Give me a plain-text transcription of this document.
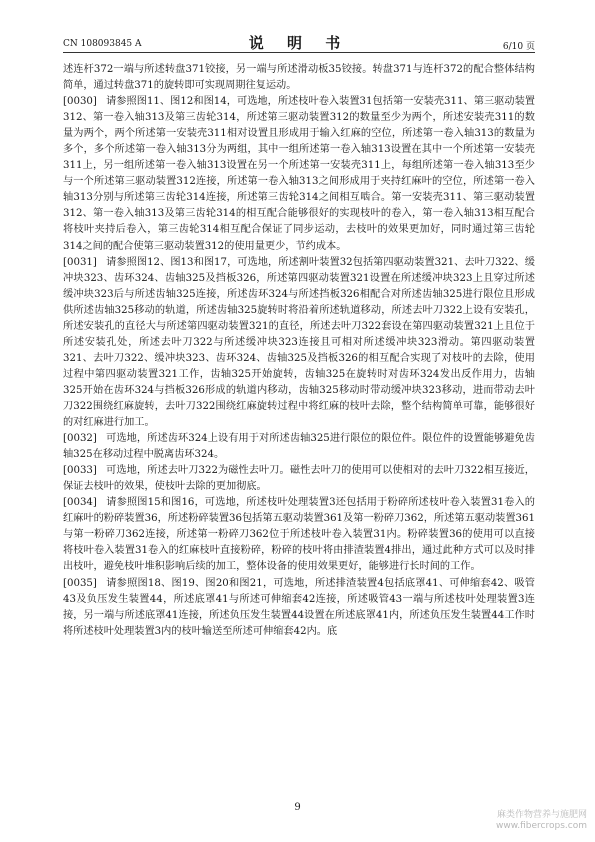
CN 108093845 A	说 明 书	6/10 页

述连杆372一端与所述转盘371铰接，另一端与所述滑动板35铰接。转盘371与连杆372的配合整体结构简单，通过转盘371的旋转即可实现周期往复运动。

[0030] 请参照图11、图12和图14，可选地，所述枝叶卷入装置31包括第一安装壳311、第三驱动装置312、第一卷入轴313及第三齿轮314，所述第三驱动装置312的数量至少为两个，所述安装壳311的数量为两个，两个所述第一安装壳311相对设置且形成用于输入红麻的空位，所述第一卷入轴313的数量为多个，多个所述第一卷入轴313分为两组，其中一组所述第一卷入轴313设置在其中一个所述第一安装壳311上，另一组所述第一卷入轴313设置在另一个所述第一安装壳311上，每组所述第一卷入轴313至少与一个所述第三驱动装置312连接，所述第一卷入轴313之间形成用于夹持红麻叶的空位，所述第一卷入轴313分别与所述第三齿轮314连接，所述第三齿轮314之间相互啮合。第一安装壳311、第三驱动装置312、第一卷入轴313及第三齿轮314的相互配合能够很好的实现枝叶的卷入，第一卷入轴313相互配合将枝叶夹持后卷入，第三齿轮314相互配合保证了同步运动，去枝叶的效果更加好，同时通过第三齿轮314之间的配合使第三驱动装置312的使用量更少，节约成本。

[0031] 请参照图12、图13和图17，可选地，所述割叶装置32包括第四驱动装置321、去叶刀322、缓冲块323、齿环324、齿轴325及挡板326，所述第四驱动装置321设置在所述缓冲块323上且穿过所述缓冲块323后与所述齿轴325连接，所述齿环324与所述挡板326相配合对所述齿轴325进行限位且形成供所述齿轴325移动的轨道，所述齿轴325旋转时将沿着所述轨道移动，所述去叶刀322上设有安装孔，所述安装孔的直径大与所述第四驱动装置321的直径，所述去叶刀322套设在第四驱动装置321上且位于所述安装孔处，所述去叶刀322与所述缓冲块323连接且可相对所述缓冲块323滑动。第四驱动装置321、去叶刀322、缓冲块323、齿环324、齿轴325及挡板326的相互配合实现了对枝叶的去除，使用过程中第四驱动装置321工作，齿轴325开始旋转，齿轴325在旋转时对齿环324发出反作用力，齿轴325开始在齿环324与挡板326形成的轨道内移动，齿轴325移动时带动缓冲块323移动，进而带动去叶刀322围绕红麻旋转，去叶刀322围绕红麻旋转过程中将红麻的枝叶去除，整个结构简单可靠，能够很好的对红麻进行加工。

[0032] 可选地，所述齿环324上设有用于对所述齿轴325进行限位的限位件。限位件的设置能够避免齿轴325在移动过程中脱离齿环324。

[0033] 可选地，所述去叶刀322为磁性去叶刀。磁性去叶刀的使用可以使相对的去叶刀322相互接近，保证去枝叶的效果，使枝叶去除的更加彻底。

[0034] 请参照图15和图16，可选地，所述枝叶处理装置3还包括用于粉碎所述枝叶卷入装置31卷入的红麻叶的粉碎装置36，所述粉碎装置36包括第五驱动装置361及第一粉碎刀362，所述第五驱动装置361与第一粉碎刀362连接，所述第一粉碎刀362位于所述枝叶卷入装置31内。粉碎装置36的使用可以直接将枝叶卷入装置31卷入的红麻枝叶直接粉碎，粉碎的枝叶将由排渣装置4排出，通过此种方式可以及时排出枝叶，避免枝叶堆积影响后续的加工，整体设备的使用效果更好，能够进行长时间的工作。

[0035] 请参照图18、图19、图20和图21，可选地，所述排渣装置4包括底罩41、可伸缩套42、吸管43及负压发生装置44，所述底罩41与所述可伸缩套42连接，所述吸管43一端与所述枝叶处理装置3连接，另一端与所述底罩41连接，所述负压发生装置44设置在所述底罩41内，所述负压发生装置44工作时将所述枝叶处理装置3内的枝叶输送至所述可伸缩套42内。底

9
麻类作物营养与施肥网
www.fibercrops.com
